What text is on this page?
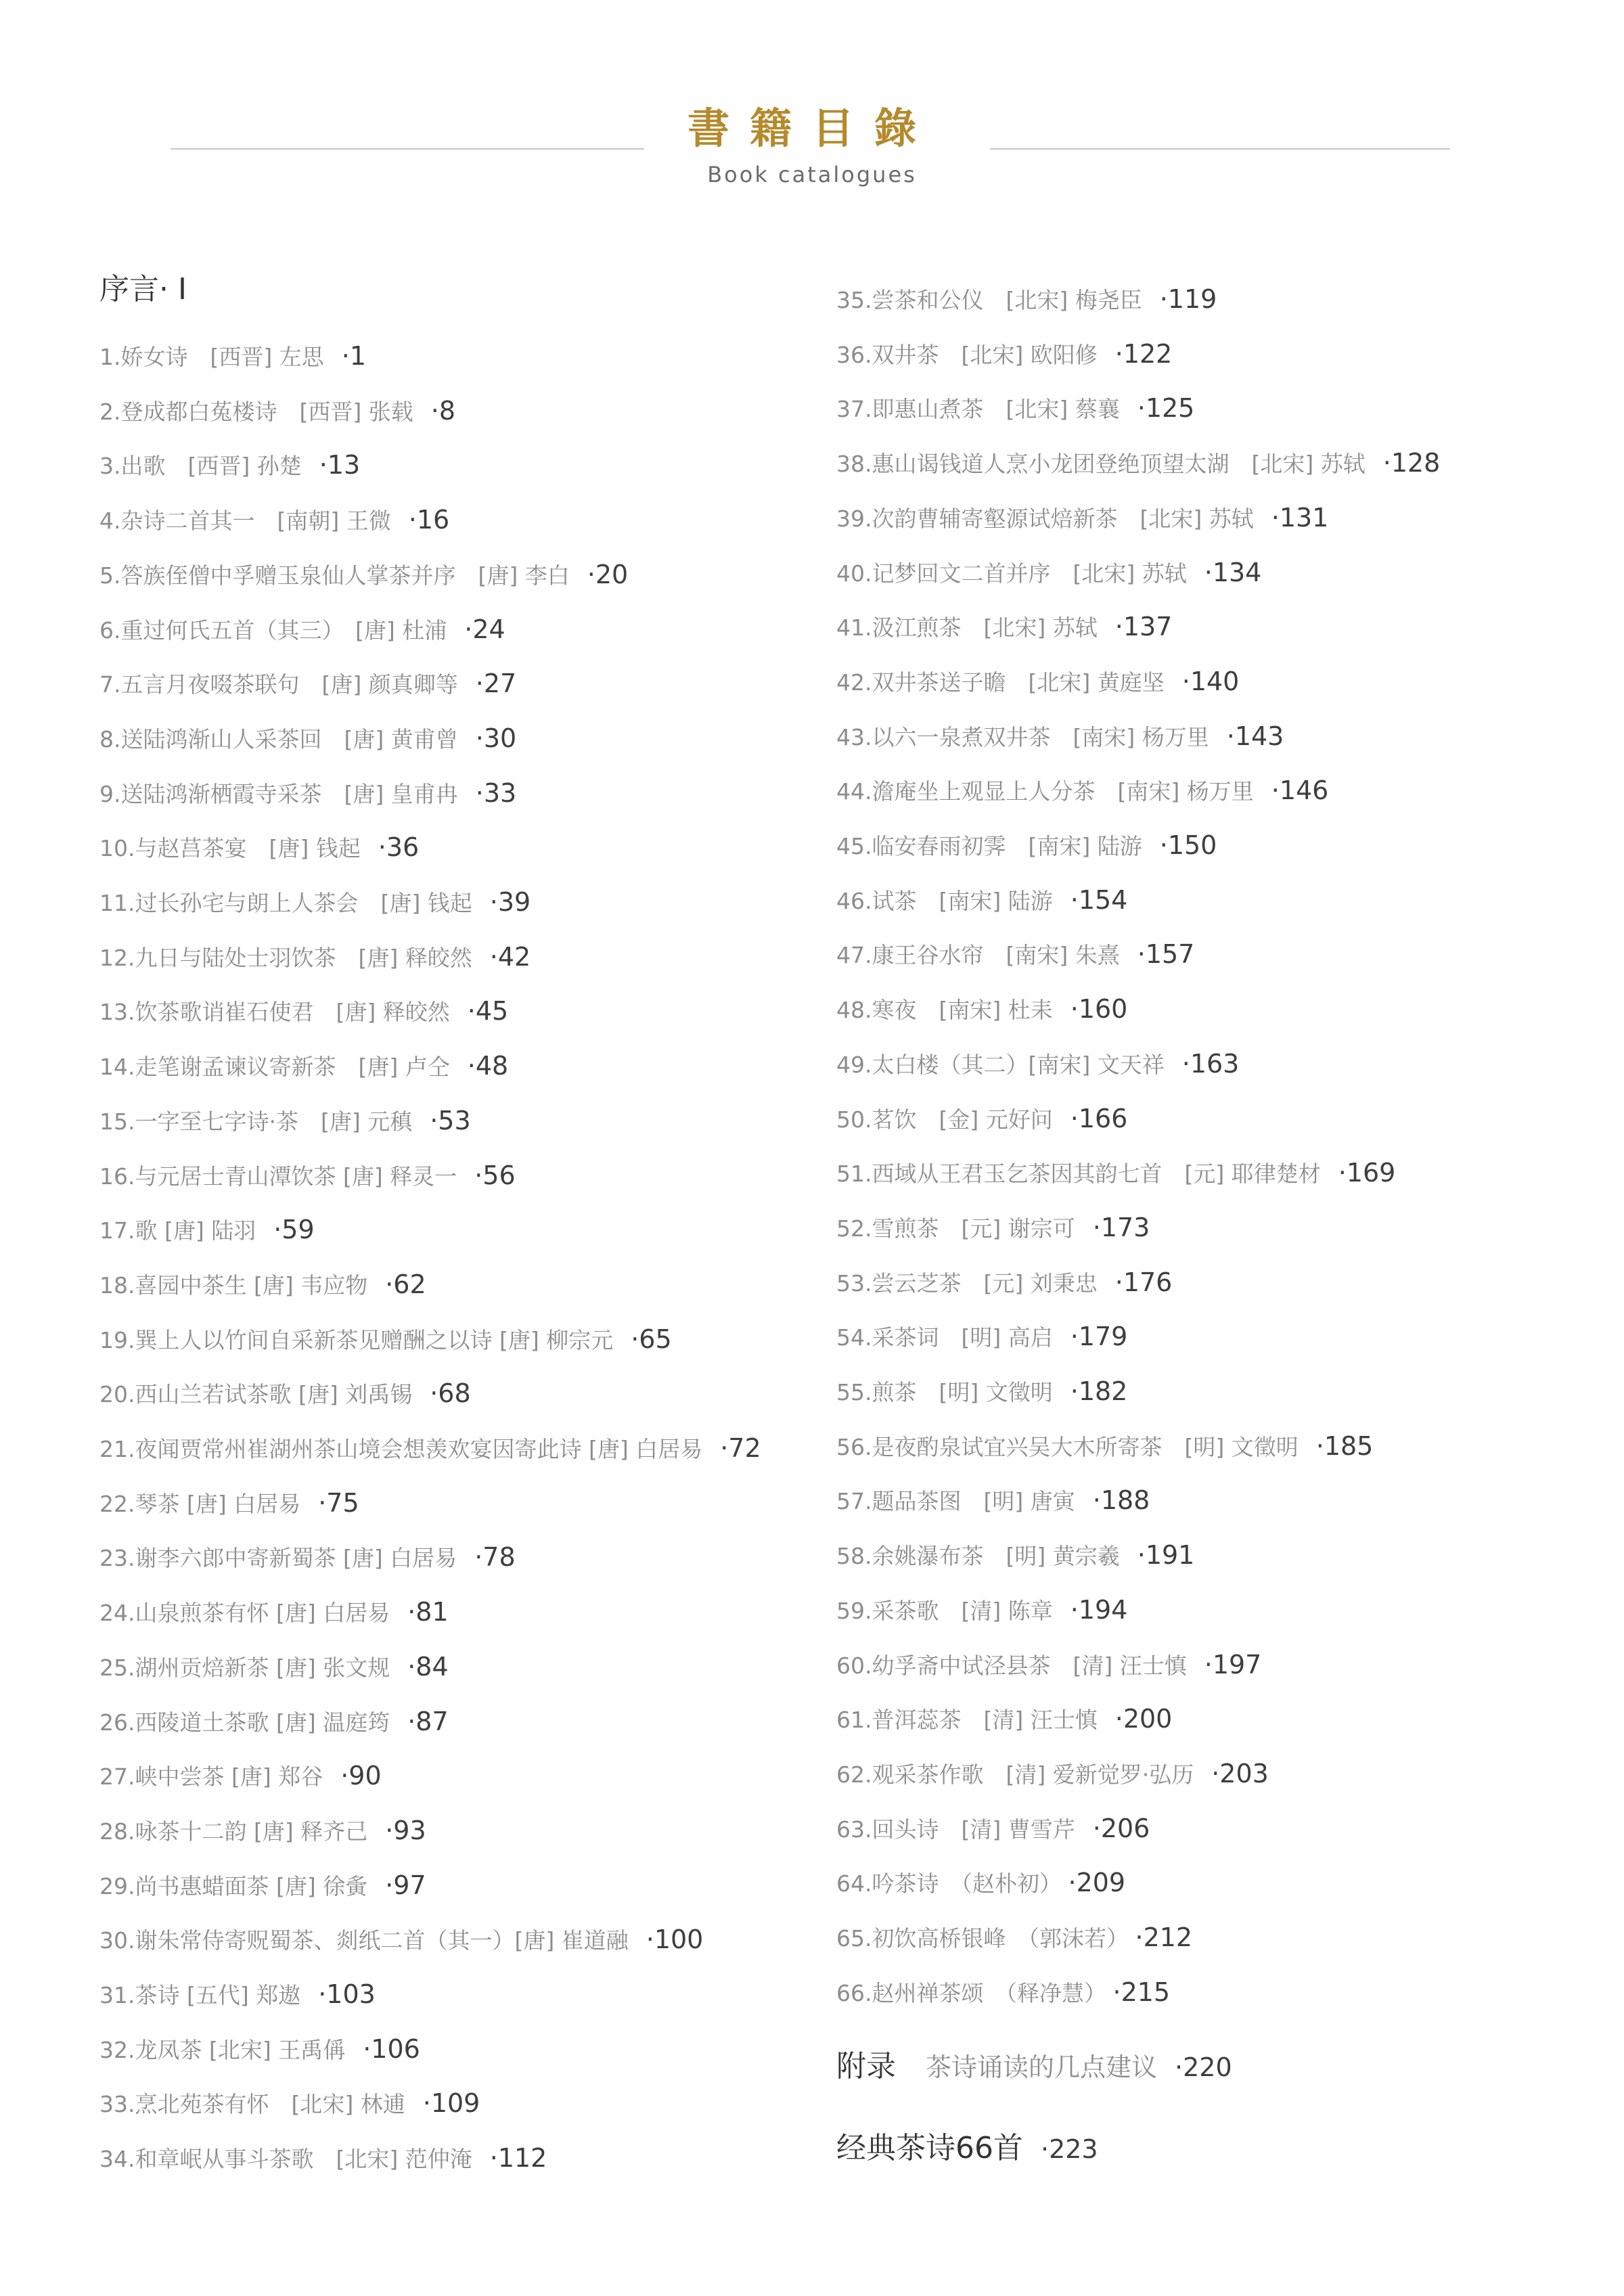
書籍目錄
Book catalogues
序言· I
1.娇女诗　[西晋] 左思 ·1
2.登成都白菟楼诗　[西晋] 张载 ·8
3.出歌　[西晋] 孙楚 ·13
4.杂诗二首其一　[南朝] 王微 ·16
5.答族侄僧中孚赠玉泉仙人掌茶并序　[唐] 李白 ·20
6.重过何氏五首（其三）　[唐] 杜浦 ·24
7.五言月夜啜茶联句　[唐] 颜真卿等 ·27
8.送陆鸿渐山人采茶回　[唐] 黄甫曾 ·30
9.送陆鸿渐栖霞寺采茶　[唐] 皇甫冉 ·33
10.与赵莒茶宴　[唐] 钱起 ·36
11.过长孙宅与朗上人茶会　[唐] 钱起 ·39
12.九日与陆处士羽饮茶　[唐] 释皎然 ·42
13.饮茶歌诮崔石使君　[唐] 释皎然 ·45
14.走笔谢孟谏议寄新茶　[唐] 卢仝 ·48
15.一字至七字诗·茶　[唐] 元稹 ·53
16.与元居士青山潭饮茶 [唐] 释灵一 ·56
17.歌 [唐] 陆羽 ·59
18.喜园中茶生 [唐] 韦应物 ·62
19.巽上人以竹间自采新茶见赠酬之以诗 [唐] 柳宗元 ·65
20.西山兰若试茶歌 [唐] 刘禹锡 ·68
21.夜闻贾常州崔湖州茶山境会想羡欢宴因寄此诗 [唐] 白居易 ·72
22.琴茶 [唐] 白居易 ·75
23.谢李六郎中寄新蜀茶 [唐] 白居易 ·78
24.山泉煎茶有怀 [唐] 白居易 ·81
25.湖州贡焙新茶 [唐] 张文规 ·84
26.西陵道土茶歌 [唐] 温庭筠 ·87
27.峡中尝茶 [唐] 郑谷 ·90
28.咏茶十二韵 [唐] 释齐己 ·93
29.尚书惠蜡面茶 [唐] 徐夤 ·97
30.谢朱常侍寄贶蜀茶、剡纸二首（其一）[唐] 崔道融 ·100
31.茶诗 [五代] 郑遨 ·103
32.龙凤茶 [北宋] 王禹偁 ·106
33.烹北苑茶有怀　[北宋] 林逋 ·109
34.和章岷从事斗茶歌　[北宋] 范仲淹 ·112
附录 茶诗诵读的几点建议 ·220
经典茶诗66首 ·223
35.尝茶和公仪　[北宋] 梅尧臣 ·119
36.双井茶　[北宋] 欧阳修 ·122
37.即惠山煮茶　[北宋] 蔡襄 ·125
38.惠山谒钱道人烹小龙团登绝顶望太湖　[北宋] 苏轼 ·128
39.次韵曹辅寄壑源试焙新茶　[北宋] 苏轼 ·131
40.记梦回文二首并序　[北宋] 苏轼 ·134
41.汲江煎茶　[北宋] 苏轼 ·137
42.双井茶送子瞻　[北宋] 黄庭坚 ·140
43.以六一泉煮双井茶　[南宋] 杨万里 ·143
44.澹庵坐上观显上人分茶　[南宋] 杨万里 ·146
45.临安春雨初霁　[南宋] 陆游 ·150
46.试茶　[南宋] 陆游 ·154
47.康王谷水帘　[南宋] 朱熹 ·157
48.寒夜　[南宋] 杜耒 ·160
49.太白楼（其二）[南宋] 文天祥 ·163
50.茗饮　[金] 元好问 ·166
51.西域从王君玉乞茶因其韵七首　[元] 耶律楚材 ·169
52.雪煎茶　[元] 谢宗可 ·173
53.尝云芝茶　[元] 刘秉忠 ·176
54.采茶词　[明] 高启 ·179
55.煎茶　[明] 文徵明 ·182
56.是夜酌泉试宜兴吴大木所寄茶　[明] 文徵明 ·185
57.题品茶图　[明] 唐寅 ·188
58.余姚瀑布茶　[明] 黄宗羲 ·191
59.采茶歌　[清] 陈章 ·194
60.幼孚斋中试泾县茶　[清] 汪士慎 ·197
61.普洱蕊茶　[清] 汪士慎 ·200
62.观采茶作歌　[清] 爱新觉罗·弘历 ·203
63.回头诗　[清] 曹雪芹 ·206
64.吟茶诗　（赵朴初） ·209
65.初饮高桥银峰　（郭沫若） ·212
66.赵州禅茶颂　（释净慧） ·215
